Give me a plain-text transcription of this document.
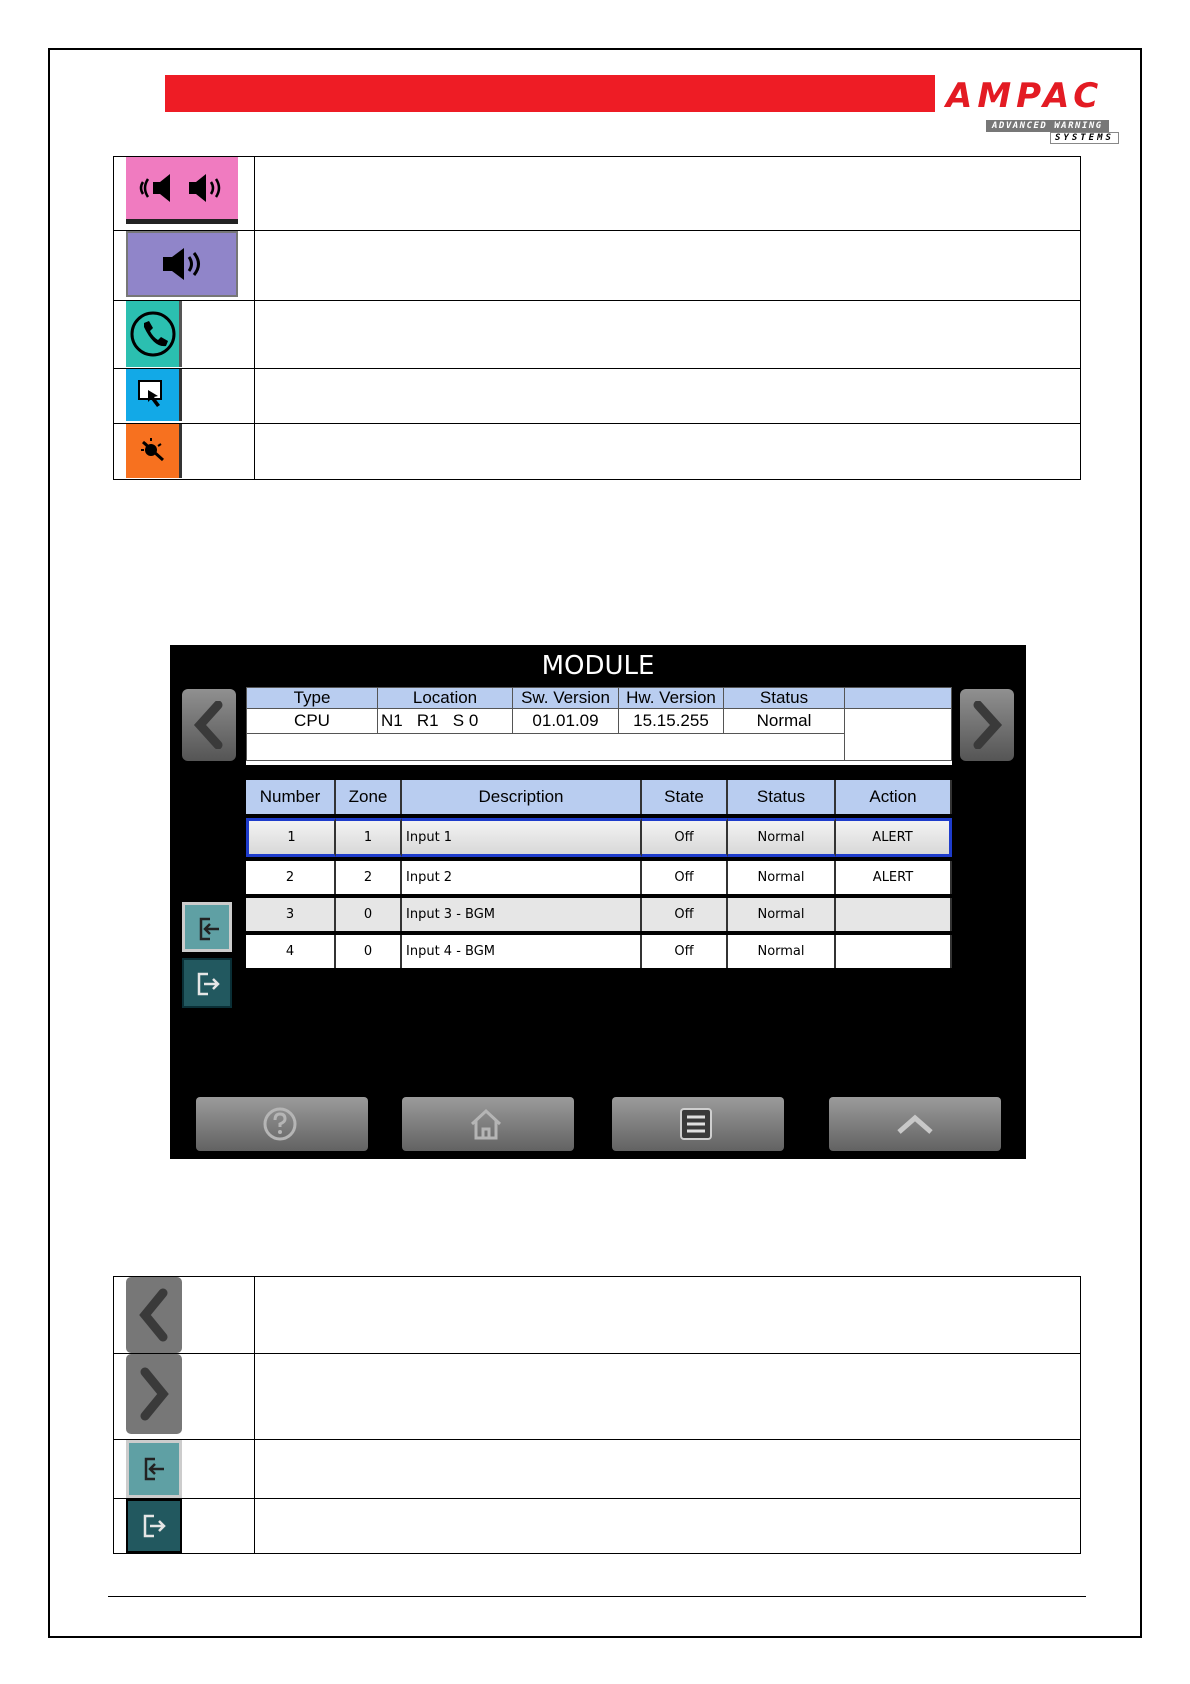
AMPAC
ADVANCED WARNING
SYSTEMS

MODULE
Type	Location	Sw. Version	Hw. Version	Status	
CPU	N1   R1   S 0	01.01.09	15.15.255	Normal	

Number	Zone	Description	State	Status	Action
1	1	Input 1	Off	Normal	ALERT
2	2	Input 2	Off	Normal	ALERT
3	0	Input 3 - BGM	Off	Normal	
4	0	Input 4 - BGM	Off	Normal	
